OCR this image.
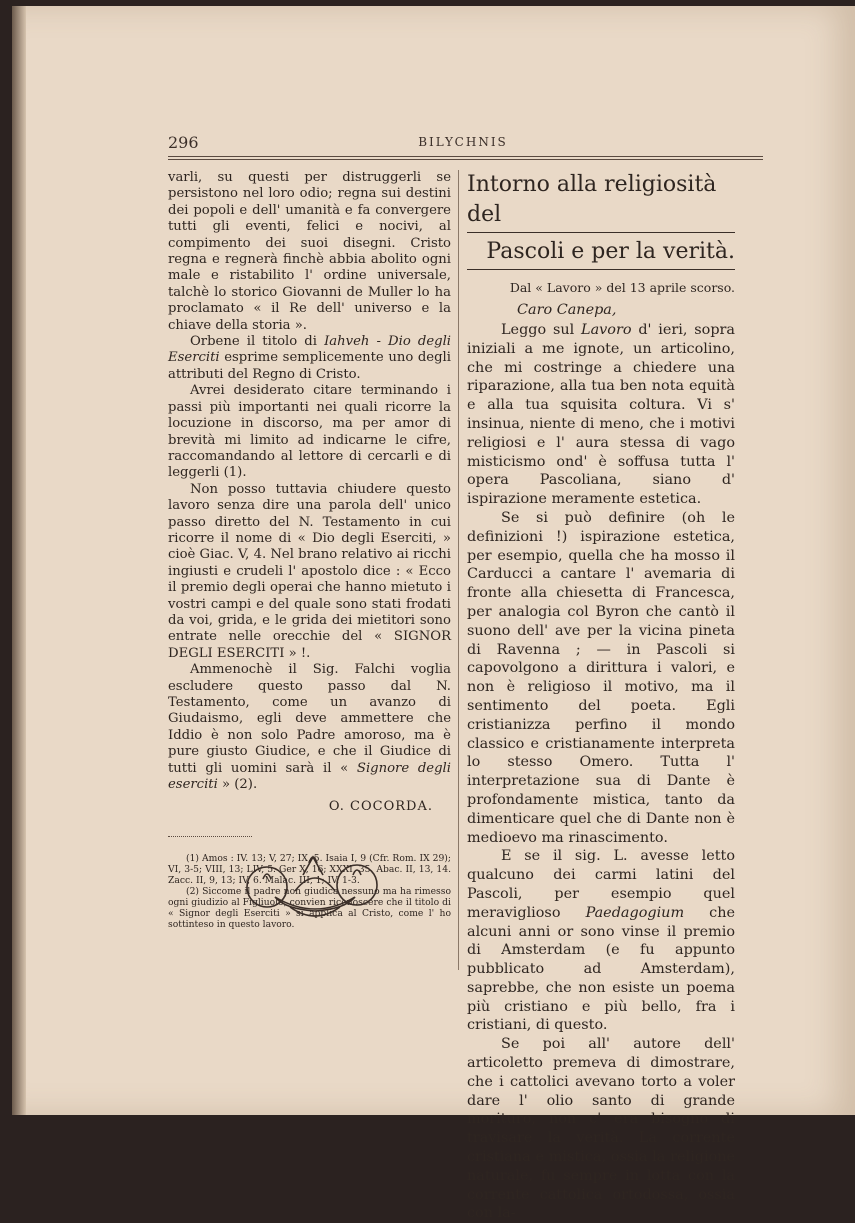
296	BILYCHNIS

varli, su questi per distruggerli se persistono nel loro odio; regna sui destini dei popoli e dell' umanità e fa convergere tutti gli eventi, felici e nocivi, al compimento dei suoi disegni. Cristo regna e regnerà finchè abbia abolito ogni male e ristabilito l' ordine universale, talchè lo storico Giovanni de Muller lo ha proclamato « il Re dell' universo e la chiave della storia ».

Orbene il titolo di Iahveh - Dio degli Eserciti esprime semplicemente uno degli attributi del Regno di Cristo.

Avrei desiderato citare terminando i passi più importanti nei quali ricorre la locuzione in discorso, ma per amor di brevità mi limito ad indicarne le cifre, raccomandando al lettore di cercarli e di leggerli (1).

Non posso tuttavia chiudere questo lavoro senza dire una parola dell' unico passo diretto del N. Testamento in cui ricorre il nome di « Dio degli Eserciti, » cioè Giac. V, 4. Nel brano relativo ai ricchi ingiusti e crudeli l' apostolo dice : « Ecco il premio degli operai che hanno mietuto i vostri campi e del quale sono stati frodati da voi, grida, e le grida dei mietitori sono entrate nelle orecchie del « SIGNOR DEGLI ESERCITI » !.

Ammenochè il Sig. Falchi voglia escludere questo passo dal N. Testamento, come un avanzo di Giudaismo, egli deve ammettere che Iddio è non solo Padre amoroso, ma è pure giusto Giudice, e che il Giudice di tutti gli uomini sarà il « Signore degli eserciti » (2).

O. COCORDA.

(1) Amos : IV. 13; V, 27; IX, 5. Isaia I, 9 (Cfr. Rom. IX 29); VI, 3-5; VIII, 13; LIV, 5. Ger X, 16; XXXI, 35. Abac. II, 13, 14. Zacc. II, 9, 13; IV, 6. Malac. III, 1; IV, 1-3.

(2) Siccome il padre non giudica nessuno ma ha rimesso ogni giudizio al Figliuolo, convien riconoscere che il titolo di « Signor degli Eserciti » si applica al Cristo, come l' ho sottinteso in questo lavoro.

Intorno alla religiosità del
Pascoli e per la verità.
Dal « Lavoro » del 13 aprile scorso.
Caro Canepa,

Leggo sul Lavoro d' ieri, sopra iniziali a me ignote, un articolino, che mi costringe a chiedere una riparazione, alla tua ben nota equità e alla tua squisita coltura. Vi s' insinua, niente di meno, che i motivi religiosi e l' aura stessa di vago misticismo ond' è soffusa tutta l' opera Pascoliana, siano d' ispirazione meramente estetica.

Se si può definire (oh le definizioni !) ispirazione estetica, per esempio, quella che ha mosso il Carducci a cantare l' avemaria di fronte alla chiesetta di Francesca, per analogia col Byron che cantò il suono dell' ave per la vicina pineta di Ravenna ; — in Pascoli si capovolgono a dirittura i valori, e non è religioso il motivo, ma il sentimento del poeta. Egli cristianizza perfino il mondo classico e cristianamente interpreta lo stesso Omero. Tutta l' interpretazione sua di Dante è profondamente mistica, tanto da dimenticare quel che di Dante non è medioevo ma rinascimento.

E se il sig. L. avesse letto qualcuno dei carmi latini del Pascoli, per esempio quel meraviglioso Paedagogium che alcuni anni or sono vinse il premio di Amsterdam (e fu appunto pubblicato ad Amsterdam), saprebbe, che non esiste un poema più cristiano e più bello, fra i cristiani, di questo.

Se poi all' autore dell' articoletto premeva di dimostrare, che i cattolici avevano torto a voler dare l' olio santo di grande morituro, non c' era bisogno di travisare la verità. La corrente cristiana e mistica, ossia la religione naturale, fu sempre in lotta con la corrente cattolica ortodossa, ossia con la-
